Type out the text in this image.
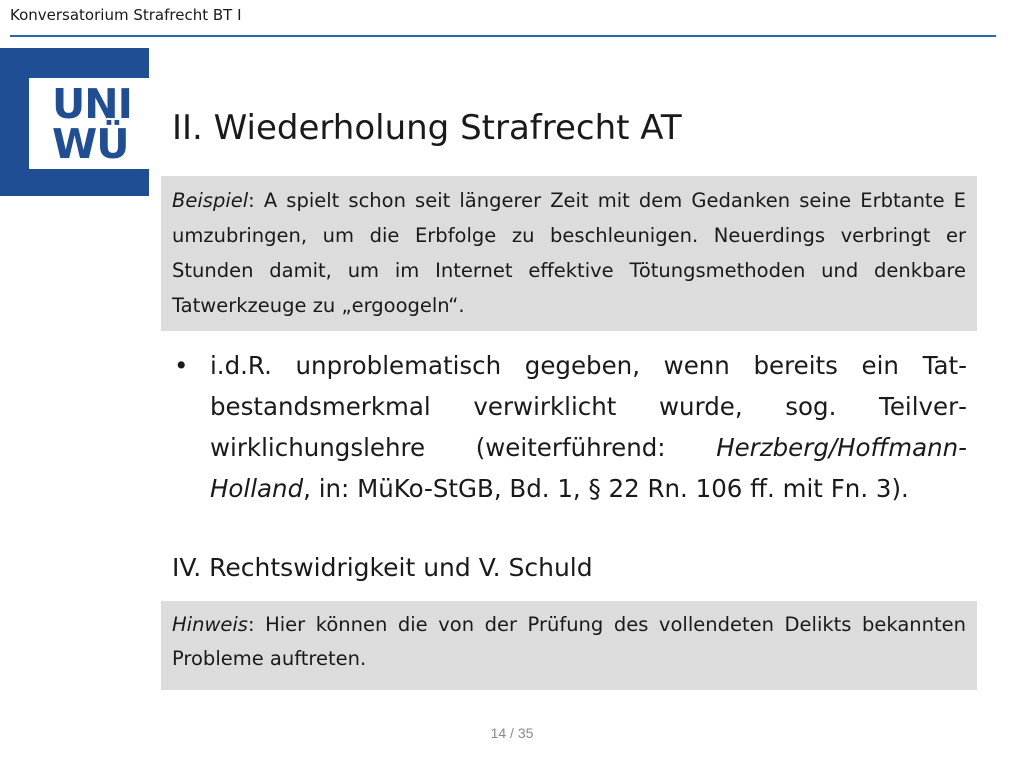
Konversatorium Strafrecht BT I
UNI
WÜ	II. Wiederholung Strafrecht AT
Beispiel: A spielt schon seit längerer Zeit mit dem Gedanken seine Erbtante E umzubringen, um die Erbfolge zu beschleunigen. Neuerdings verbringt er Stunden damit, um im Internet effektive Tötungsmethoden und denkbare Tatwerkzeuge zu „ergoogeln“.
• i.d.R. unproblematisch gegeben, wenn bereits ein Tatbestandsmerkmal verwirklicht wurde, sog. Teilverwirklichungslehre (weiterführend: Herzberg/Hoffmann-Holland, in: MüKo-StGB, Bd. 1, § 22 Rn. 106 ff. mit Fn. 3).
IV. Rechtswidrigkeit und V. Schuld
Hinweis: Hier können die von der Prüfung des vollendeten Delikts bekannten Probleme auftreten.
14 / 35
